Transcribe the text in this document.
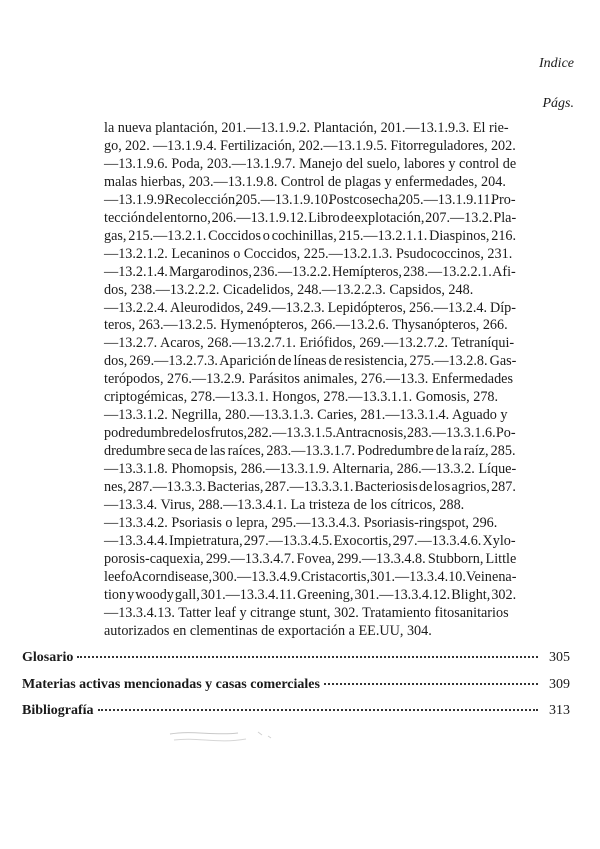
Indice
Págs.
la nueva plantación, 201.—13.1.9.2. Plantación, 201.—13.1.9.3. El rie-
go, 202. —13.1.9.4. Fertilización, 202.—13.1.9.5. Fitorreguladores, 202.
—13.1.9.6. Poda, 203.—13.1.9.7. Manejo del suelo, labores y control de
malas hierbas, 203.—13.1.9.8. Control de plagas y enfermedades, 204.
—13.1.9.9. Recolección, 205.—13.1.9.10. Postcosecha, 205.—13.1.9.11. Pro-
tección del entorno, 206.—13.1.9.12. Libro de explotación, 207.—13.2. Pla-
gas, 215.—13.2.1. Coccidos o cochinillas, 215.—13.2.1.1. Diaspinos, 216.
—13.2.1.2. Lecaninos o Coccidos, 225.—13.2.1.3. Psudococcinos, 231.
—13.2.1.4. Margarodinos, 236.—13.2.2. Hemípteros, 238.—13.2.2.1. Afi-
dos, 238.—13.2.2.2. Cicadelidos, 248.—13.2.2.3. Capsidos, 248.
—13.2.2.4. Aleurodidos, 249.—13.2.3. Lepidópteros, 256.—13.2.4. Díp-
teros, 263.—13.2.5. Hymenópteros, 266.—13.2.6. Thysanópteros, 266.
—13.2.7. Acaros, 268.—13.2.7.1. Eriófidos, 269.—13.2.7.2. Tetraníqui-
dos, 269.—13.2.7.3. Aparición de líneas de resistencia, 275.—13.2.8. Gas-
terópodos, 276.—13.2.9. Parásitos animales, 276.—13.3. Enfermedades
criptogémicas, 278.—13.3.1. Hongos, 278.—13.3.1.1. Gomosis, 278.
—13.3.1.2. Negrilla, 280.—13.3.1.3. Caries, 281.—13.3.1.4. Aguado y
podredumbre de los frutos, 282.—13.3.1.5. Antracnosis, 283.—13.3.1.6. Po-
dredumbre seca de las raíces, 283.—13.3.1.7. Podredumbre de la raíz, 285.
—13.3.1.8. Phomopsis, 286.—13.3.1.9. Alternaria, 286.—13.3.2. Líque-
nes, 287.—13.3.3. Bacterias, 287.—13.3.3.1. Bacteriosis de los agrios, 287.
—13.3.4. Virus, 288.—13.3.4.1. La tristeza de los cítricos, 288.
—13.3.4.2. Psoriasis o lepra, 295.—13.3.4.3. Psoriasis-ringspot, 296.
—13.3.4.4. Impietratura, 297.—13.3.4.5. Exocortis, 297.—13.3.4.6. Xylo-
porosis-caquexia, 299.—13.3.4.7. Fovea, 299.—13.3.4.8. Stubborn, Little
leef o Acorn disease, 300.—13.3.4.9. Cristacortis, 301.—13.3.4.10. Vein ena-
tion y woody gall, 301.—13.3.4.11. Greening, 301.—13.3.4.12. Blight, 302.
—13.3.4.13. Tatter leaf y citrange stunt, 302. Tratamiento fitosanitarios
autorizados en clementinas de exportación a EE.UU, 304.
Glosario	305
Materias activas mencionadas y casas comerciales	309
Bibliografía	313
